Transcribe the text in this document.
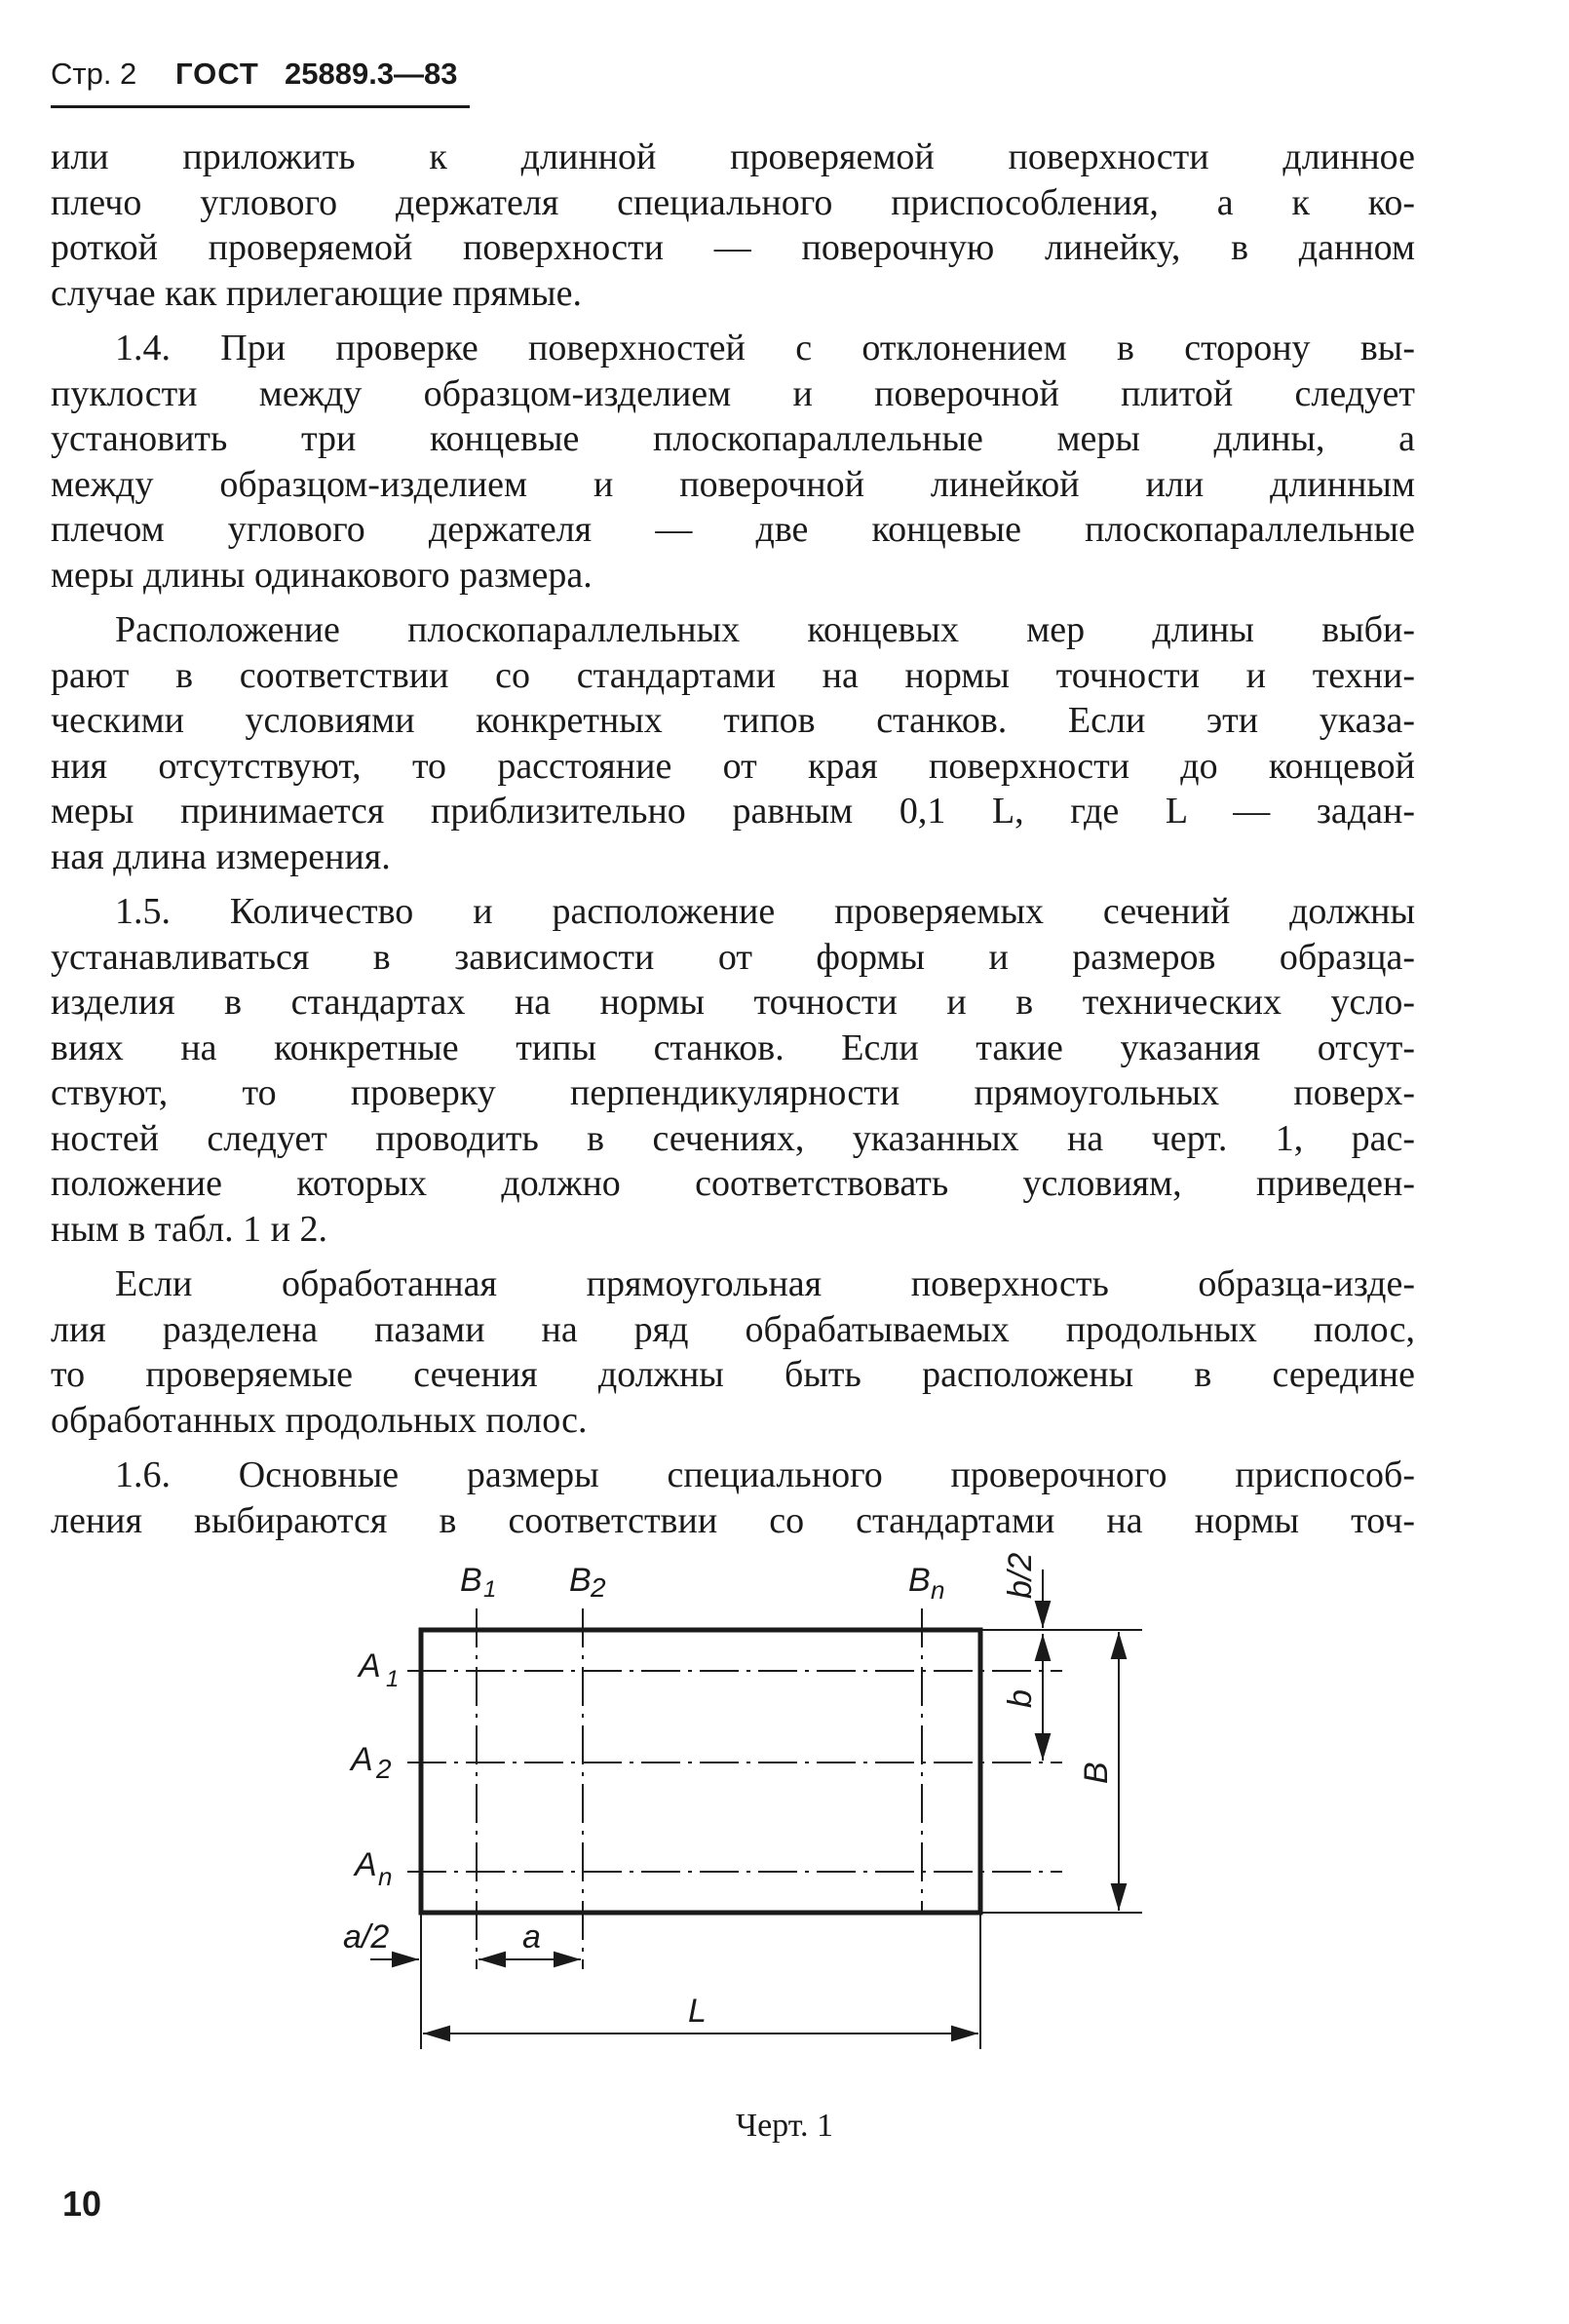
Стр. 2 ГОСТ 25889.3—83
или приложить к длинной проверяемой поверхности длинное
плечо углового держателя специального приспособления, а к ко-
роткой проверяемой поверхности — поверочную линейку, в данном
случае как прилегающие прямые.
1.4. При проверке поверхностей с отклонением в сторону вы-
пуклости между образцом-изделием и поверочной плитой следует
установить три концевые плоскопараллельные меры длины, а
между образцом-изделием и поверочной линейкой или длинным
плечом углового держателя — две концевые плоскопараллельные
меры длины одинакового размера.
Расположение плоскопараллельных концевых мер длины выби-
рают в соответствии со стандартами на нормы точности и техни-
ческими условиями конкретных типов станков. Если эти указа-
ния отсутствуют, то расстояние от края поверхности до концевой
меры принимается приблизительно равным 0,1 L, где L — задан-
ная длина измерения.
1.5. Количество и расположение проверяемых сечений должны
устанавливаться в зависимости от формы и размеров образца-
изделия в стандартах на нормы точности и в технических усло-
виях на конкретные типы станков. Если такие указания отсут-
ствуют, то проверку перпендикулярности прямоугольных поверх-
ностей следует проводить в сечениях, указанных на черт. 1, рас-
положение которых должно соответствовать условиям, приведен-
ным в табл. 1 и 2.
Если обработанная прямоугольная поверхность образца-изде-
лия разделена пазами на ряд обрабатываемых продольных полос,
то проверяемые сечения должны быть расположены в середине
обработанных продольных полос.
1.6. Основные размеры специального проверочного приспособ-
ления выбираются в соответствии со стандартами на нормы точ-
B 1 B 2	B n
A 1
A 2
A n
b/2
b
B
a/2	a
L
Черт. 1
10
